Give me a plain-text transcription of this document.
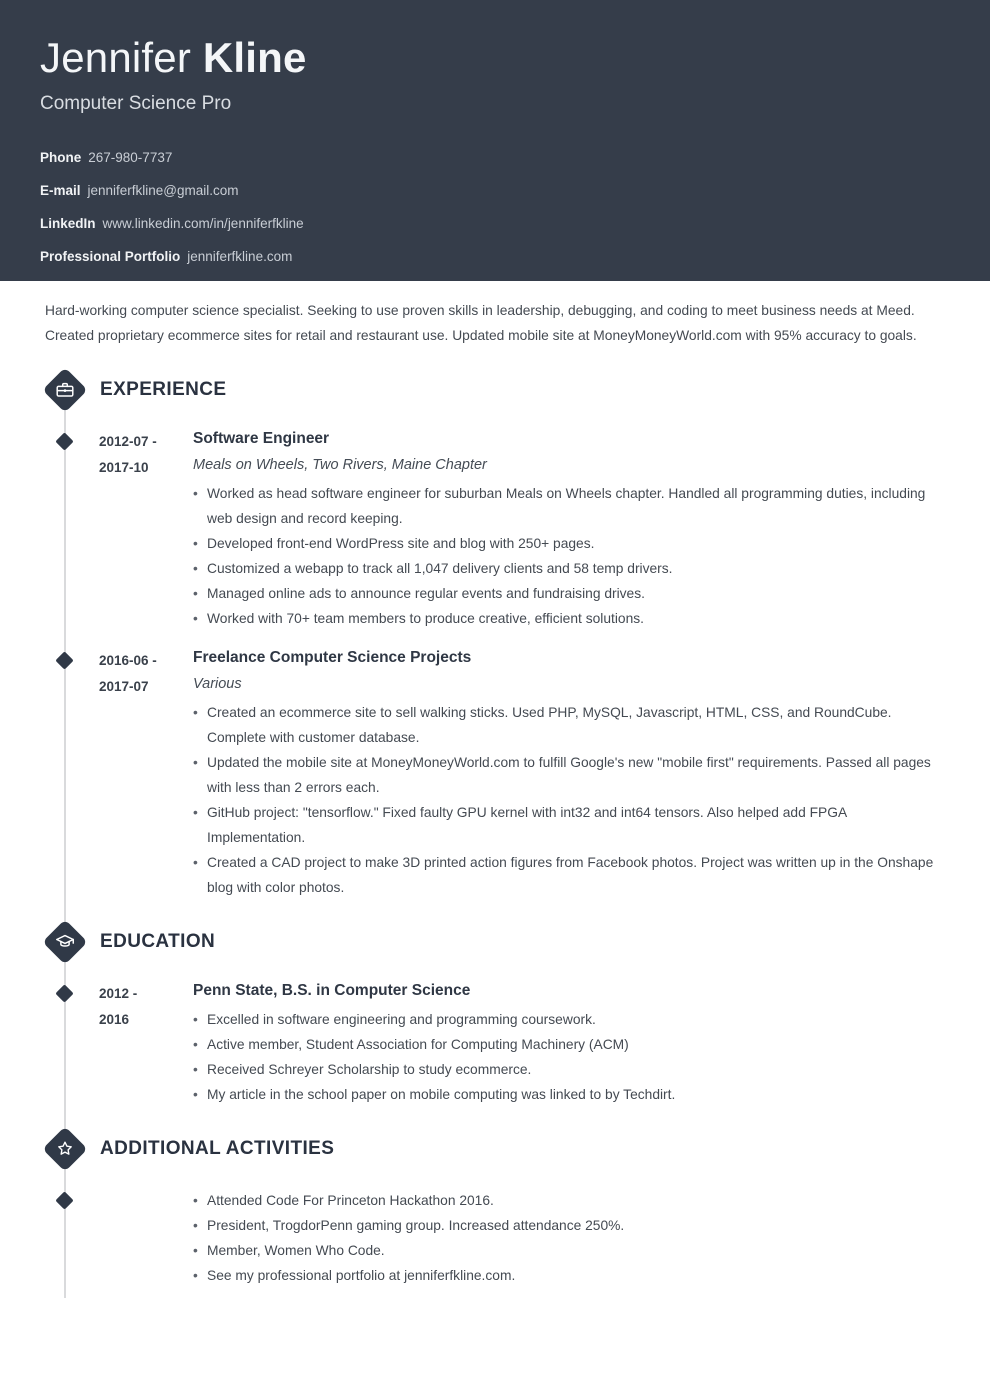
Jennifer Kline
Computer Science Pro
Phone 267-980-7737
E-mail jenniferfkline@gmail.com
LinkedIn www.linkedin.com/in/jenniferfkline
Professional Portfolio jenniferfkline.com

Hard-working computer science specialist. Seeking to use proven skills in leadership, debugging, and coding to meet business needs at Meed. Created proprietary ecommerce sites for retail and restaurant use. Updated mobile site at MoneyMoneyWorld.com with 95% accuracy to goals.

EXPERIENCE
2012-07 -
2017-10
Software Engineer
Meals on Wheels, Two Rivers, Maine Chapter
• Worked as head software engineer for suburban Meals on Wheels chapter. Handled all programming duties, including web design and record keeping.
• Developed front-end WordPress site and blog with 250+ pages.
• Customized a webapp to track all 1,047 delivery clients and 58 temp drivers.
• Managed online ads to announce regular events and fundraising drives.
• Worked with 70+ team members to produce creative, efficient solutions.
2016-06 -
2017-07
Freelance Computer Science Projects
Various
• Created an ecommerce site to sell walking sticks. Used PHP, MySQL, Javascript, HTML, CSS, and RoundCube. Complete with customer database.
• Updated the mobile site at MoneyMoneyWorld.com to fulfill Google's new "mobile first" requirements. Passed all pages with less than 2 errors each.
• GitHub project: "tensorflow." Fixed faulty GPU kernel with int32 and int64 tensors. Also helped add FPGA Implementation.
• Created a CAD project to make 3D printed action figures from Facebook photos. Project was written up in the Onshape blog with color photos.
EDUCATION
2012 -
2016
Penn State, B.S. in Computer Science
• Excelled in software engineering and programming coursework.
• Active member, Student Association for Computing Machinery (ACM)
• Received Schreyer Scholarship to study ecommerce.
• My article in the school paper on mobile computing was linked to by Techdirt.
ADDITIONAL ACTIVITIES
• Attended Code For Princeton Hackathon 2016.
• President, TrogdorPenn gaming group. Increased attendance 250%.
• Member, Women Who Code.
• See my professional portfolio at jenniferfkline.com.
